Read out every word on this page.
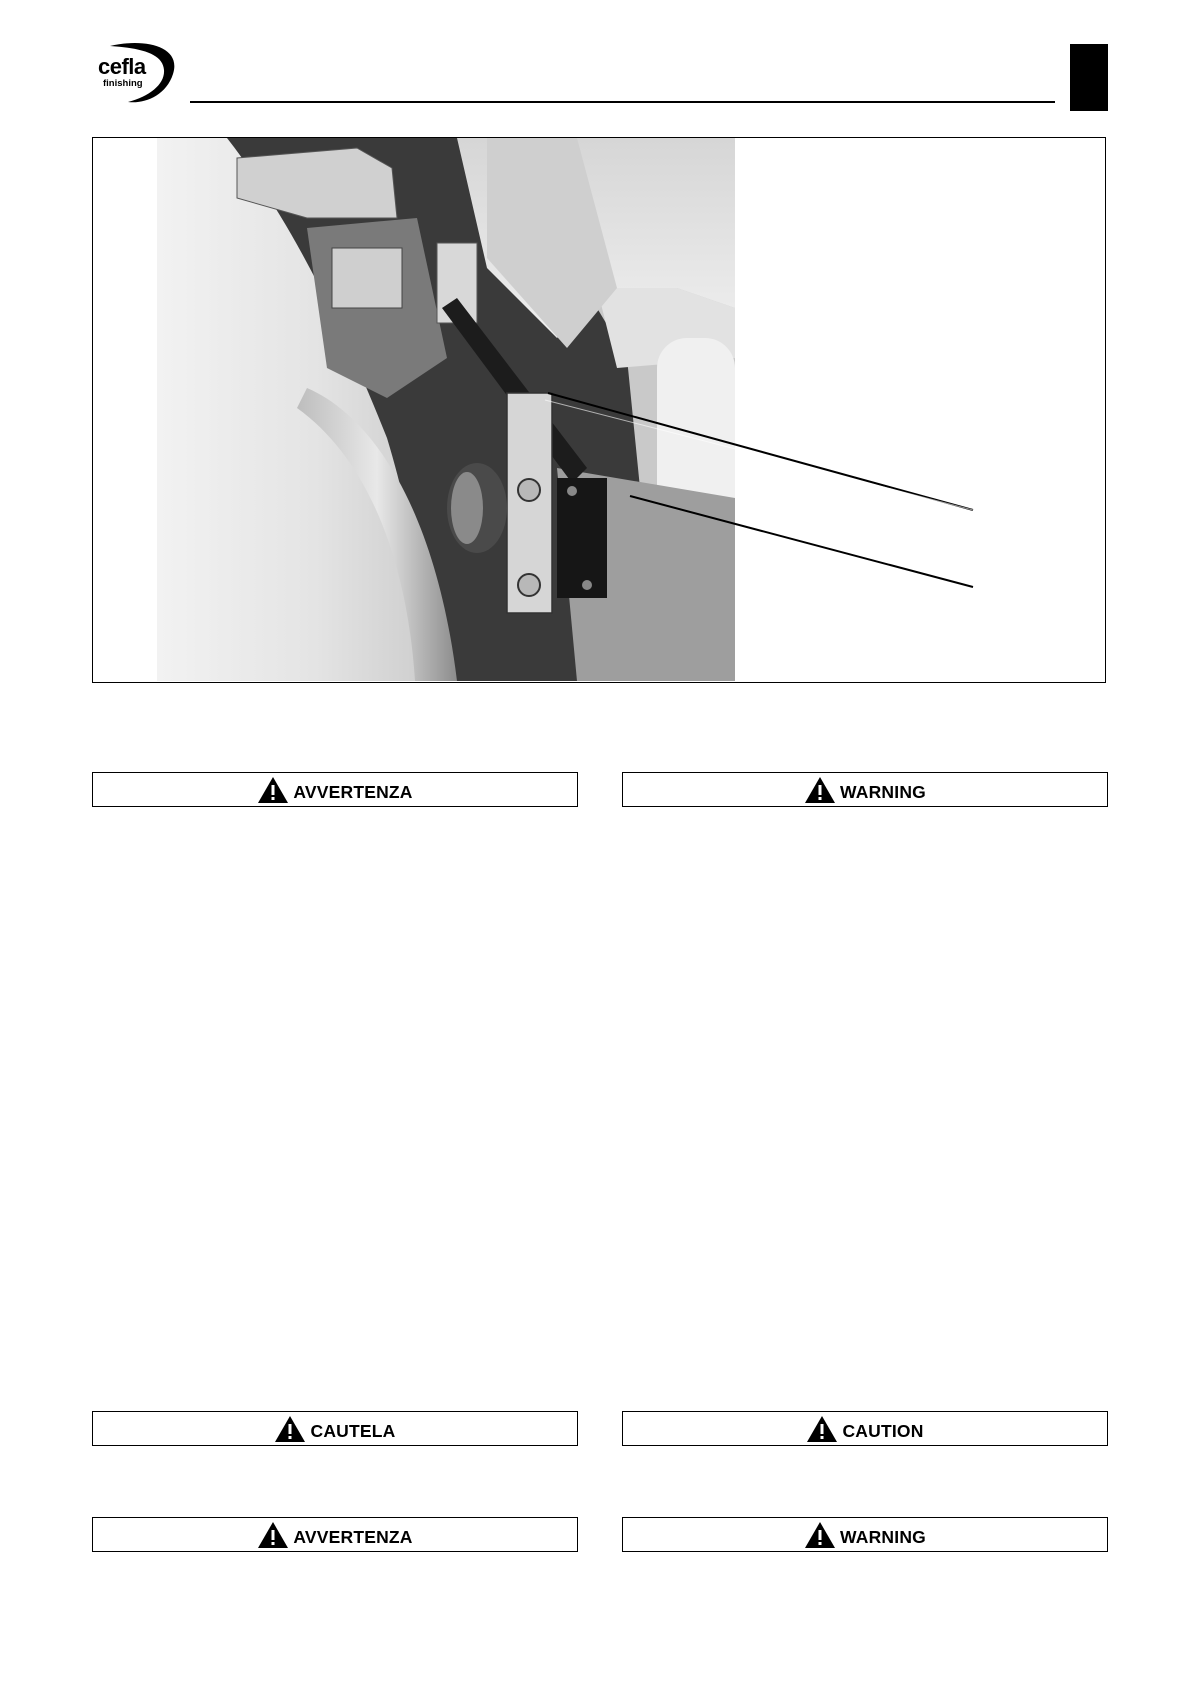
cefla
finishing
AVVERTENZA	WARNING
CAUTELA	CAUTION
AVVERTENZA	WARNING
